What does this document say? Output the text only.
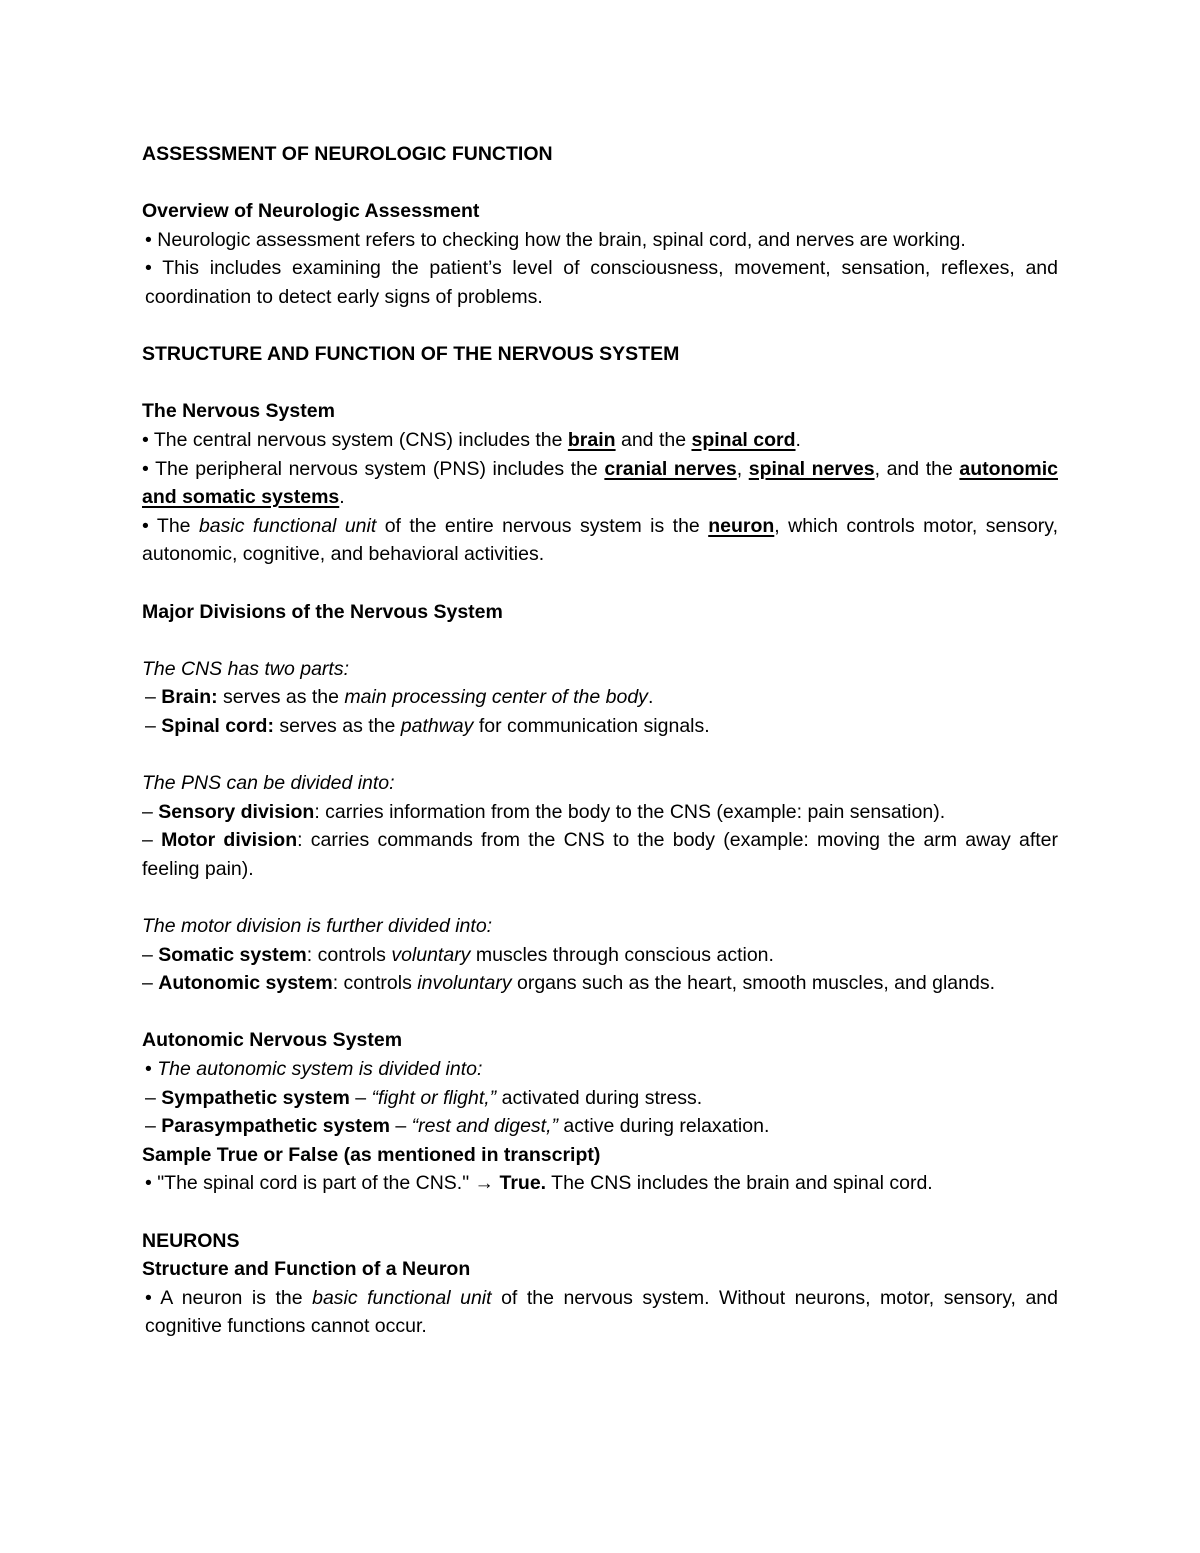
ASSESSMENT OF NEUROLOGIC FUNCTION

Overview of Neurologic Assessment

• Neurologic assessment refers to checking how the brain, spinal cord, and nerves are working.

• This includes examining the patient’s level of consciousness, movement, sensation, reflexes, and coordination to detect early signs of problems.

STRUCTURE AND FUNCTION OF THE NERVOUS SYSTEM

The Nervous System

• The central nervous system (CNS) includes the brain and the spinal cord.

• The peripheral nervous system (PNS) includes the cranial nerves, spinal nerves, and the autonomic and somatic systems.

• The basic functional unit of the entire nervous system is the neuron, which controls motor, sensory, autonomic, cognitive, and behavioral activities.

Major Divisions of the Nervous System

The CNS has two parts:

– Brain: serves as the main processing center of the body.

– Spinal cord: serves as the pathway for communication signals.

The PNS can be divided into:

– Sensory division: carries information from the body to the CNS (example: pain sensation).

– Motor division: carries commands from the CNS to the body (example: moving the arm away after feeling pain).

The motor division is further divided into:

– Somatic system: controls voluntary muscles through conscious action.

– Autonomic system: controls involuntary organs such as the heart, smooth muscles, and glands.

Autonomic Nervous System

• The autonomic system is divided into:

– Sympathetic system – “fight or flight,” activated during stress.

– Parasympathetic system – “rest and digest,” active during relaxation.

Sample True or False (as mentioned in transcript)

• "The spinal cord is part of the CNS." → True. The CNS includes the brain and spinal cord.

NEURONS

Structure and Function of a Neuron

• A neuron is the basic functional unit of the nervous system. Without neurons, motor, sensory, and cognitive functions cannot occur.
